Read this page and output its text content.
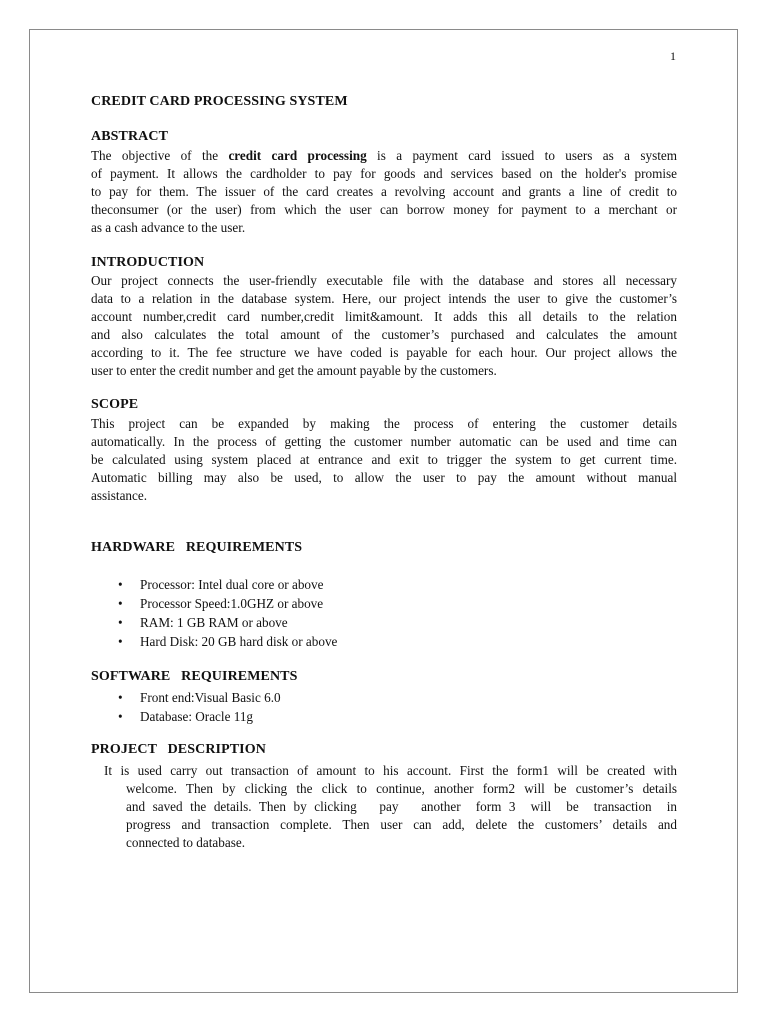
1
CREDIT CARD PROCESSING SYSTEM
ABSTRACT
The objective of the credit card processing is a payment card issued to users as a system
of payment. It allows the cardholder to pay for goods and services based on the holder's promise
to pay for them. The issuer of the card creates a revolving account and grants a line of credit to
theconsumer (or the user) from which the user can borrow money for payment to a merchant or
as a cash advance to the user.
INTRODUCTION
Our project connects the user-friendly executable file with the database and stores all necessary
data to a relation in the database system. Here, our project intends the user to give the customer’s
account number,credit card number,credit limit&amount. It adds this all details to the relation
and also calculates the total amount of the customer’s purchased and calculates the amount
according to it. The fee structure we have coded is payable for each hour. Our project allows the
user to enter the credit number and get the amount payable by the customers.
SCOPE
This project can be expanded by making the process of entering the customer details
automatically. In the process of getting the customer number automatic can be used and time can
be calculated using system placed at entrance and exit to trigger the system to get current time.
Automatic billing may also be used, to allow the user to pay the amount without manual
assistance.
HARDWARE   REQUIREMENTS
• Processor: Intel dual core or above
• Processor Speed:1.0GHZ or above
• RAM: 1 GB RAM or above
• Hard Disk: 20 GB hard disk or above
SOFTWARE   REQUIREMENTS
• Front end:Visual Basic 6.0
• Database: Oracle 11g
PROJECT   DESCRIPTION
It is used carry out transaction of amount to his account. First the form1 will be created with
welcome. Then by clicking the click to continue, another form2 will be customer’s details
and saved the details. Then by clicking   pay   another  form 3  will  be  transaction  in
progress and transaction complete. Then user can add, delete the customers’ details and
connected to database.
